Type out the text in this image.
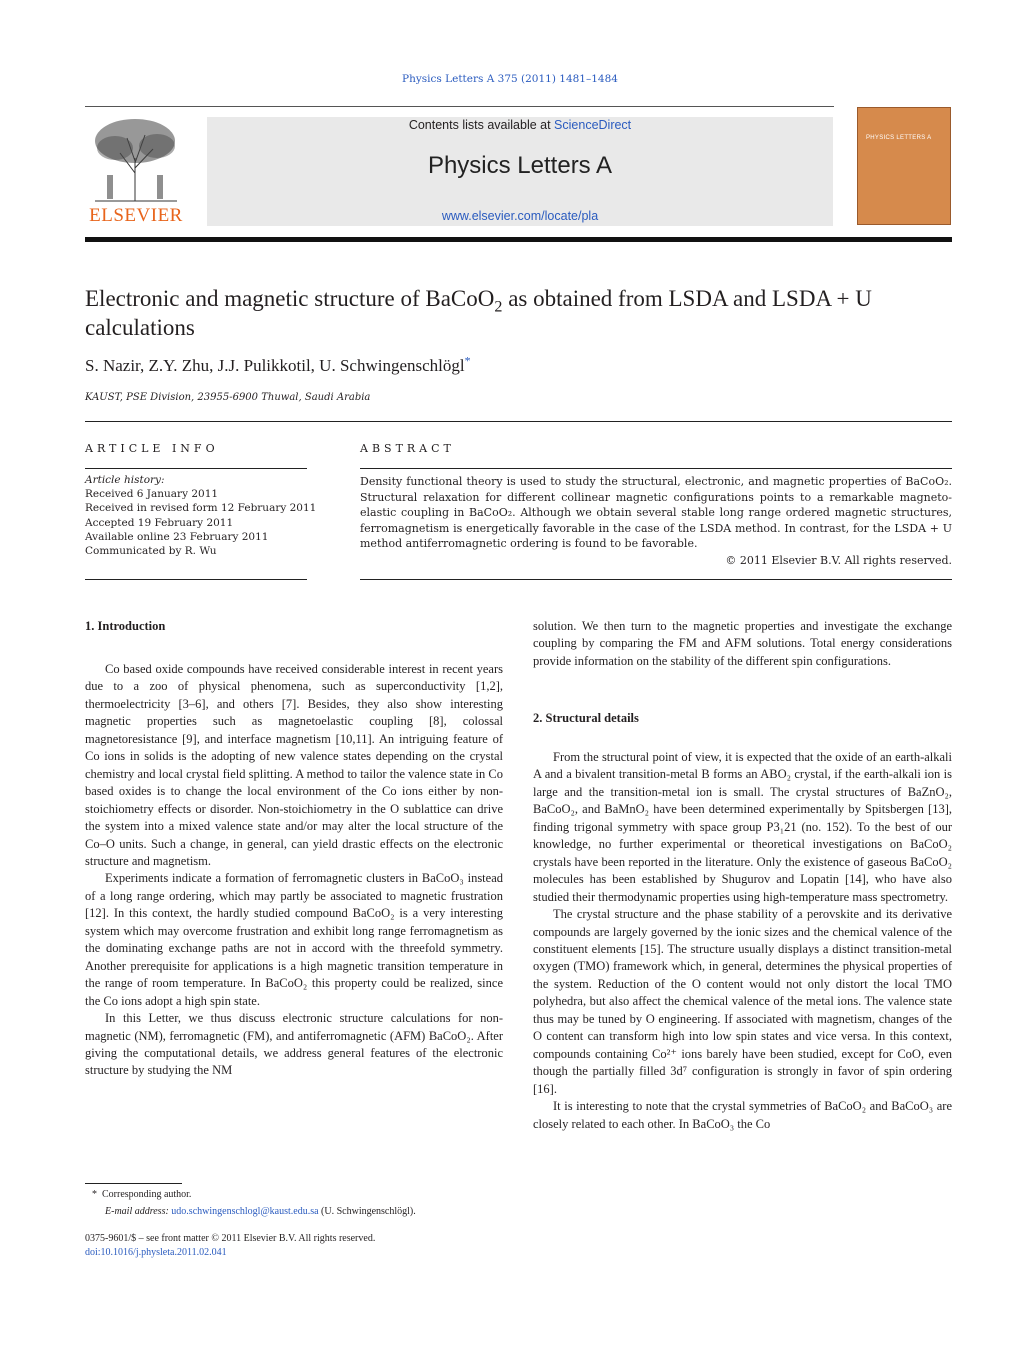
Physics Letters A 375 (2011) 1481–1484
ELSEVIER
Contents lists available at ScienceDirect
Physics Letters A
www.elsevier.com/locate/pla
PHYSICS LETTERS A
Electronic and magnetic structure of BaCoO$_2$ as obtained from LSDA and LSDA + U calculations
S. Nazir, Z.Y. Zhu, J.J. Pulikkotil, U. Schwingenschlögl*
KAUST, PSE Division, 23955-6900 Thuwal, Saudi Arabia
ARTICLE INFO
Article history:
Received 6 January 2011
Received in revised form 12 February 2011
Accepted 19 February 2011
Available online 23 February 2011
Communicated by R. Wu
ABSTRACT
Density functional theory is used to study the structural, electronic, and magnetic properties of BaCoO₂. Structural relaxation for different collinear magnetic configurations points to a remarkable magneto-elastic coupling in BaCoO₂. Although we obtain several stable long range ordered magnetic structures, ferromagnetism is energetically favorable in the case of the LSDA method. In contrast, for the LSDA + U method antiferromagnetic ordering is found to be favorable.
© 2011 Elsevier B.V. All rights reserved.
1. Introduction

Co based oxide compounds have received considerable interest in recent years due to a zoo of physical phenomena, such as superconductivity [1,2], thermoelectricity [3–6], and others [7]. Besides, they also show interesting magnetic properties such as magnetoelastic coupling [8], colossal magnetoresistance [9], and interface magnetism [10,11]. An intriguing feature of Co ions in solids is the adopting of new valence states depending on the crystal chemistry and local crystal field splitting. A method to tailor the valence state in Co based oxides is to change the local environment of the Co ions either by non-stoichiometry effects or disorder. Non-stoichiometry in the O sublattice can drive the system into a mixed valence state and/or may alter the local structure of the Co–O units. Such a change, in general, can yield drastic effects on the electronic structure and magnetism.

Experiments indicate a formation of ferromagnetic clusters in BaCoO₃ instead of a long range ordering, which may partly be associated to magnetic frustration [12]. In this context, the hardly studied compound BaCoO₂ is a very interesting system which may overcome frustration and exhibit long range ferromagnetism as the dominating exchange paths are not in accord with the threefold symmetry. Another prerequisite for applications is a high magnetic transition temperature in the range of room temperature. In BaCoO₂ this property could be realized, since the Co ions adopt a high spin state.

In this Letter, we thus discuss electronic structure calculations for non-magnetic (NM), ferromagnetic (FM), and antiferromagnetic (AFM) BaCoO₂. After giving the computational details, we address general features of the electronic structure by studying the NM

solution. We then turn to the magnetic properties and investigate the exchange coupling by comparing the FM and AFM solutions. Total energy considerations provide information on the stability of the different spin configurations.

2. Structural details

From the structural point of view, it is expected that the oxide of an earth-alkali A and a bivalent transition-metal B forms an ABO₂ crystal, if the earth-alkali ion is large and the transition-metal ion is small. The crystal structures of BaZnO₂, BaCoO₂, and BaMnO₂ have been determined experimentally by Spitsbergen [13], finding trigonal symmetry with space group P3₁21 (no. 152). To the best of our knowledge, no further experimental or theoretical investigations on BaCoO₂ crystals have been reported in the literature. Only the existence of gaseous BaCoO₂ molecules has been established by Shugurov and Lopatin [14], who have also studied their thermodynamic properties using high-temperature mass spectrometry.

The crystal structure and the phase stability of a perovskite and its derivative compounds are largely governed by the ionic sizes and the chemical valence of the constituent elements [15]. The structure usually displays a distinct transition-metal oxygen (TMO) framework which, in general, determines the physical properties of the system. Reduction of the O content would not only distort the local TMO polyhedra, but also affect the chemical valence of the metal ions. The valence state thus may be tuned by O engineering. If associated with magnetism, changes of the O content can transform high into low spin states and vice versa. In this context, compounds containing Co²⁺ ions barely have been studied, except for CoO, even though the partially filled 3d⁷ configuration is strongly in favor of spin ordering [16].

It is interesting to note that the crystal symmetries of BaCoO₂ and BaCoO₃ are closely related to each other. In BaCoO₃ the Co

* Corresponding author.
E-mail address: udo.schwingenschlogl@kaust.edu.sa (U. Schwingenschlögl).
0375-9601/$ – see front matter © 2011 Elsevier B.V. All rights reserved.
doi:10.1016/j.physleta.2011.02.041
